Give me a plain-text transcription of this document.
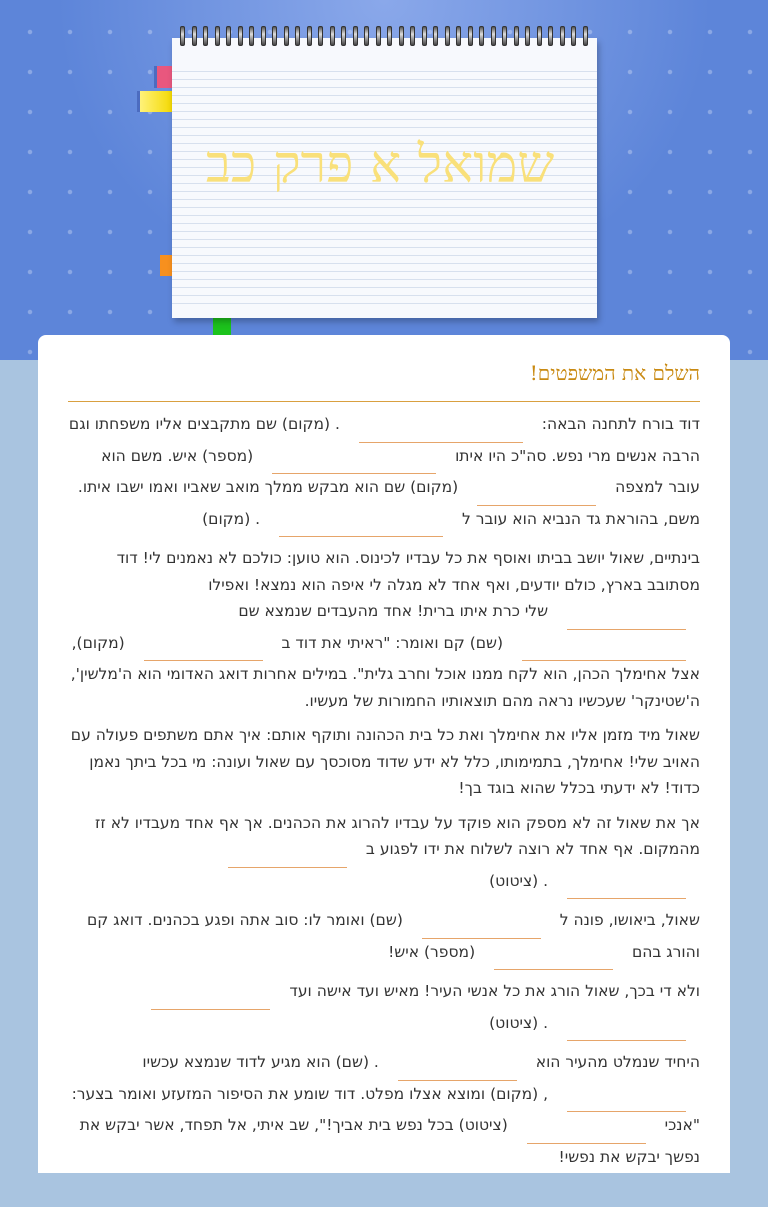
שמואל א פרק כב
השלם את המשפטים!

דוד בורח לתחנה הבאה:  . (מקום) שם מתקבצים אליו משפחתו וגם הרבה אנשים מרי נפש. סה"כ היו איתו  (מספר) איש. משם הוא עובר למצפה  (מקום) שם הוא מבקש ממלך מואב שאביו ואמו ישבו איתו. משם, בהוראת גד הנביא הוא עובר ל  . (מקום)

בינתיים, שאול יושב בביתו ואוסף את כל עבדיו לכינוס. הוא טוען: כולכם לא נאמנים לי! דוד מסתובב בארץ, כולם יודעים, ואף אחד לא מגלה לי איפה הוא נמצא! ואפילו  שלי כרת איתו ברית! אחד מהעבדים שנמצא שם  (שם) קם ואומר: "ראיתי את דוד ב  (מקום), אצל אחימלך הכהן, הוא לקח ממנו אוכל וחרב גלית". במילים אחרות דואג האדומי הוא ה'מלשין', ה'שטינקר' שעכשיו נראה מהם תוצאותיו החמורות של מעשיו.

שאול מיד מזמן אליו את אחימלך ואת כל בית הכהונה ותוקף אותם: איך אתם משתפים פעולה עם האויב שלי! אחימלך, בתמימותו, כלל לא ידע שדוד מסוכסך עם שאול ועונה: מי בכל ביתך נאמן כדוד! לא ידעתי בכלל שהוא בוגד בך!

אך את שאול זה לא מספק הוא פוקד על עבדיו להרוג את הכהנים. אך אף אחד מעבדיו לא זז מהמקום. אף אחד לא רוצה לשלוח את ידו לפגוע ב   . (ציטוט)

שאול, ביאושו, פונה ל  (שם) ואומר לו: סוב אתה ופגע בכהנים. דואג קם והורג בהם  (מספר) איש!

ולא די בכך, שאול הורג את כל אנשי העיר! מאיש ועד אישה ועד   . (ציטוט)

היחיד שנמלט מהעיר הוא  . (שם) הוא מגיע לדוד שנמצא עכשיו  , (מקום) ומוצא אצלו מפלט. דוד שומע את הסיפור המזעזע ואומר בצער: "אנכי  (ציטוט) בכל נפש בית אביך!", שב איתי, אל תפחד, אשר יבקש את נפשך יבקש את נפשי!
